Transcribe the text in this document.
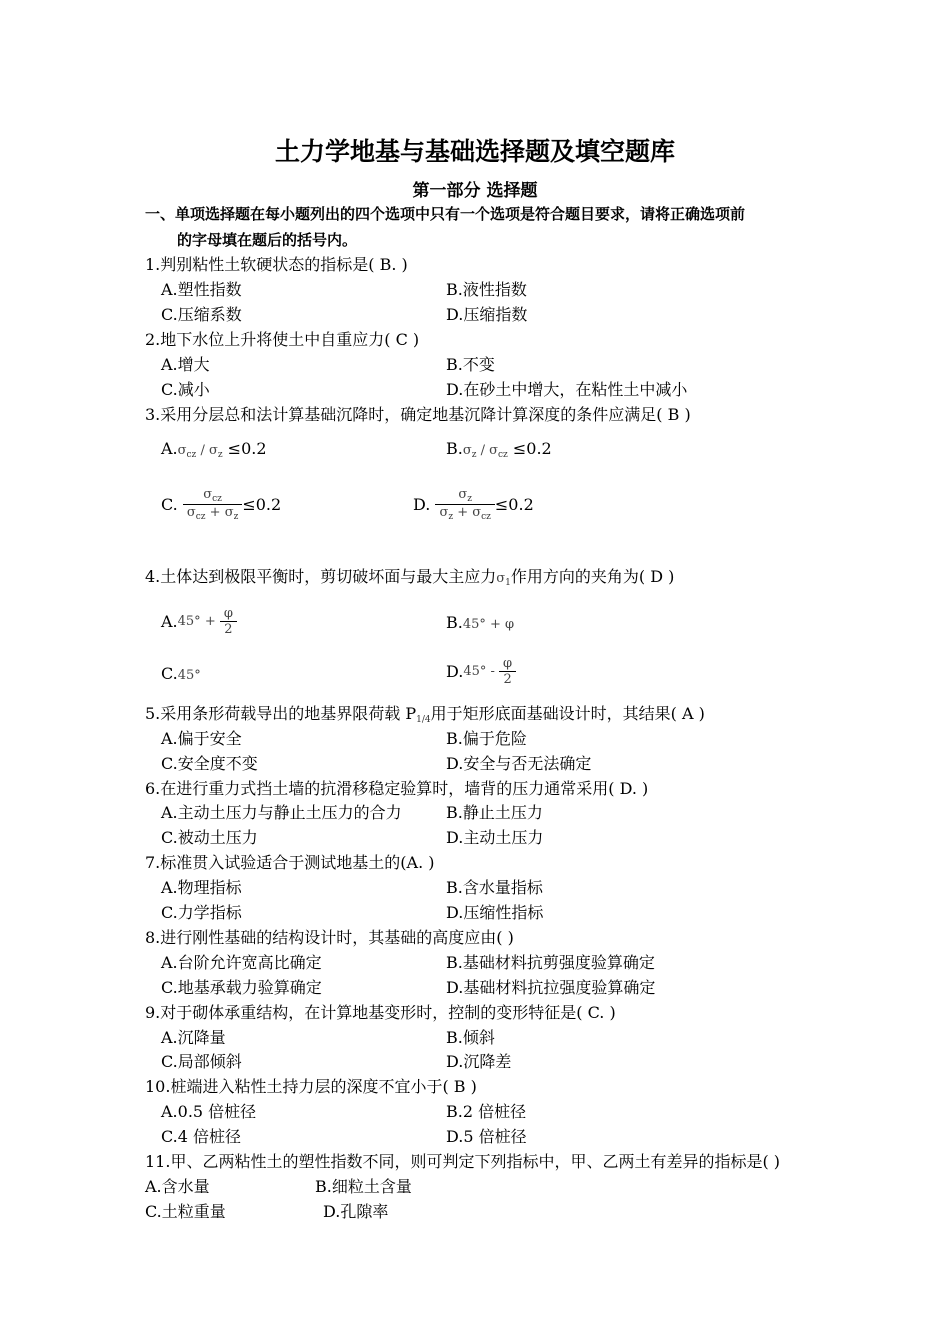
土力学地基与基础选择题及填空题库
第一部分 选择题
一、单项选择题在每小题列出的四个选项中只有一个选项是符合题目要求，请将正确选项前
的字母填在题后的括号内。
1.判别粘性土软硬状态的指标是( B. )
A.塑性指数	B.液性指数
C.压缩系数	D.压缩指数
2.地下水位上升将使土中自重应力( C )
A.增大	B.不变
C.减小	D.在砂土中增大，在粘性土中减小
3.采用分层总和法计算基础沉降时，确定地基沉降计算深度的条件应满足( B )
$A.\sigma_{cz} / \sigma_z \le 0.2$	$B.\sigma_z / \sigma_{cz} \le 0.2$
C. $\frac{\sigma_{cz}}{\sigma_{cz} + \sigma_z} \le 0.2$	D. $\frac{\sigma_z}{\sigma_z + \sigma_{cz}} \le 0.2$
4.土体达到极限平衡时，剪切破坏面与最大主应力$\sigma_1$作用方向的夹角为( D )
$A.45^\circ + \frac{\varphi}{2}$	B.45° + φ
C.45°	$D.45^\circ - \frac{\varphi}{2}$
5.采用条形荷载导出的地基界限荷载 $P_{1/4}$用于矩形底面基础设计时，其结果( A )
A.偏于安全	B.偏于危险
C.安全度不变	D.安全与否无法确定
6.在进行重力式挡土墙的抗滑移稳定验算时，墙背的压力通常采用( D. )
A.主动土压力与静止土压力的合力	B.静止土压力
C.被动土压力	D.主动土压力
7.标准贯入试验适合于测试地基土的(A. )
A.物理指标	B.含水量指标
C.力学指标	D.压缩性指标
8.进行刚性基础的结构设计时，其基础的高度应由( )
A.台阶允许宽高比确定	B.基础材料抗剪强度验算确定
C.地基承载力验算确定	D.基础材料抗拉强度验算确定
9.对于砌体承重结构，在计算地基变形时，控制的变形特征是( C. )
A.沉降量	B.倾斜
C.局部倾斜	D.沉降差
10.桩端进入粘性土持力层的深度不宜小于( B )
A.0.5 倍桩径	B.2 倍桩径
C.4 倍桩径	D.5 倍桩径
11.甲、乙两粘性土的塑性指数不同，则可判定下列指标中，甲、乙两土有差异的指标是( )
A.含水量	B.细粒土含量
C.土粒重量	D.孔隙率
